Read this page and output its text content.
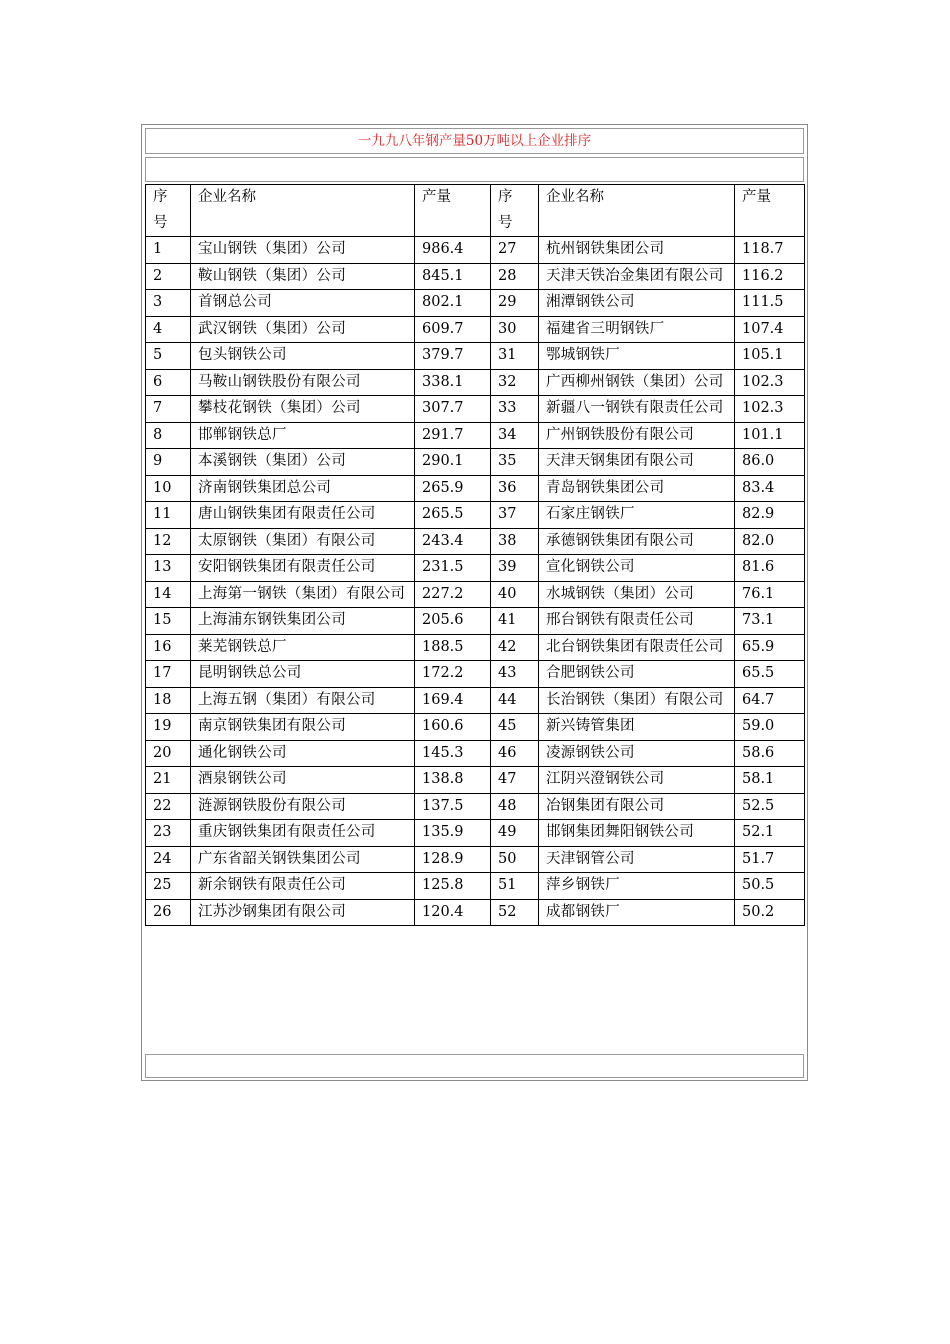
一九九八年钢产量50万吨以上企业排序
序号	企业名称	产量	序号	企业名称	产量
1	宝山钢铁（集团）公司	986.4	27	杭州钢铁集团公司	118.7
2	鞍山钢铁（集团）公司	845.1	28	天津天铁冶金集团有限公司	116.2
3	首钢总公司	802.1	29	湘潭钢铁公司	111.5
4	武汉钢铁（集团）公司	609.7	30	福建省三明钢铁厂	107.4
5	包头钢铁公司	379.7	31	鄂城钢铁厂	105.1
6	马鞍山钢铁股份有限公司	338.1	32	广西柳州钢铁（集团）公司	102.3
7	攀枝花钢铁（集团）公司	307.7	33	新疆八一钢铁有限责任公司	102.3
8	邯郸钢铁总厂	291.7	34	广州钢铁股份有限公司	101.1
9	本溪钢铁（集团）公司	290.1	35	天津天钢集团有限公司	86.0
10	济南钢铁集团总公司	265.9	36	青岛钢铁集团公司	83.4
11	唐山钢铁集团有限责任公司	265.5	37	石家庄钢铁厂	82.9
12	太原钢铁（集团）有限公司	243.4	38	承德钢铁集团有限公司	82.0
13	安阳钢铁集团有限责任公司	231.5	39	宣化钢铁公司	81.6
14	上海第一钢铁（集团）有限公司	227.2	40	水城钢铁（集团）公司	76.1
15	上海浦东钢铁集团公司	205.6	41	邢台钢铁有限责任公司	73.1
16	莱芜钢铁总厂	188.5	42	北台钢铁集团有限责任公司	65.9
17	昆明钢铁总公司	172.2	43	合肥钢铁公司	65.5
18	上海五钢（集团）有限公司	169.4	44	长治钢铁（集团）有限公司	64.7
19	南京钢铁集团有限公司	160.6	45	新兴铸管集团	59.0
20	通化钢铁公司	145.3	46	凌源钢铁公司	58.6
21	酒泉钢铁公司	138.8	47	江阴兴澄钢铁公司	58.1
22	涟源钢铁股份有限公司	137.5	48	冶钢集团有限公司	52.5
23	重庆钢铁集团有限责任公司	135.9	49	邯钢集团舞阳钢铁公司	52.1
24	广东省韶关钢铁集团公司	128.9	50	天津钢管公司	51.7
25	新余钢铁有限责任公司	125.8	51	萍乡钢铁厂	50.5
26	江苏沙钢集团有限公司	120.4	52	成都钢铁厂	50.2
